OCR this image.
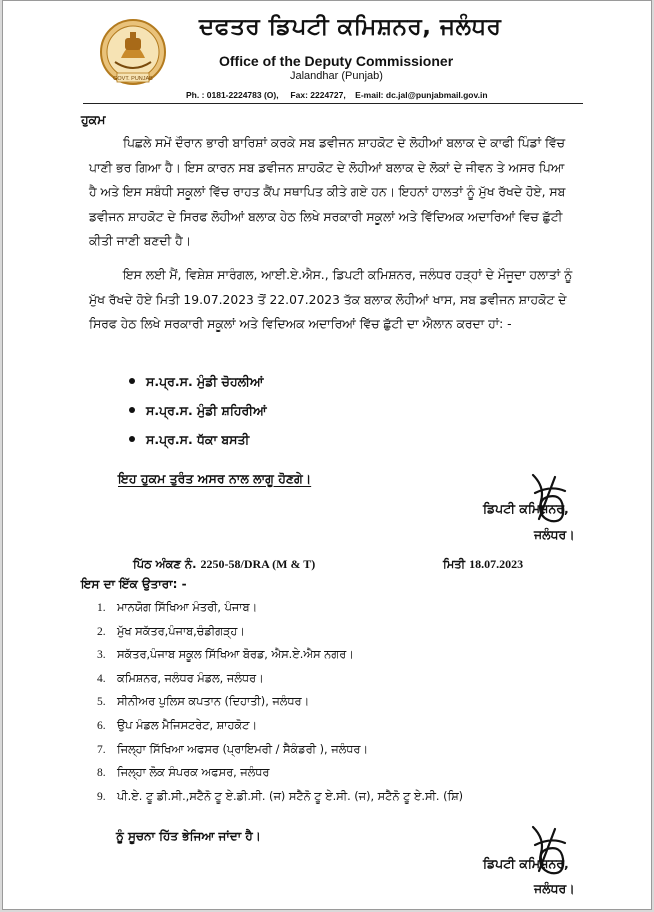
GOVT. PUNJAB
ਦਫਤਰ ਡਿਪਟੀ ਕਮਿਸ਼ਨਰ, ਜਲੰਧਰ
Office of the Deputy Commissioner
Jalandhar (Punjab)
Ph. : 0181-2224783 (O), Fax: 2224727, E-mail: dc.jal@punjabmail.gov.in
ਹੁਕਮ
ਪਿਛਲੇ ਸਮੇਂ ਦੌਰਾਨ ਭਾਰੀ ਬਾਰਿਸ਼ਾਂ ਕਰਕੇ ਸਬ ਡਵੀਜਨ ਸ਼ਾਹਕੋਟ ਦੇ ਲੋਹੀਆਂ ਬਲਾਕ ਦੇ ਕਾਫੀ ਪਿੰਡਾਂ ਵਿੱਚ ਪਾਣੀ ਭਰ ਗਿਆ ਹੈ। ਇਸ ਕਾਰਨ ਸਬ ਡਵੀਜਨ ਸ਼ਾਹਕੋਟ ਦੇ ਲੋਹੀਆਂ ਬਲਾਕ ਦੇ ਲੋਕਾਂ ਦੇ ਜੀਵਨ ਤੇ ਅਸਰ ਪਿਆ ਹੈ ਅਤੇ ਇਸ ਸਬੰਧੀ ਸਕੂਲਾਂ ਵਿੱਚ ਰਾਹਤ ਕੈਂਪ ਸਥਾਪਿਤ ਕੀਤੇ ਗਏ ਹਨ। ਇਹਨਾਂ ਹਾਲਤਾਂ ਨੂੰ ਮੁੱਖ ਰੱਖਦੇ ਹੋਏ, ਸਬ ਡਵੀਜਨ ਸ਼ਾਹਕੋਟ ਦੇ ਸਿਰਫ ਲੋਹੀਆਂ ਬਲਾਕ ਹੇਠ ਲਿਖੇ ਸਰਕਾਰੀ ਸਕੂਲਾਂ ਅਤੇ ਵਿੱਦਿਅਕ ਅਦਾਰਿਆਂ ਵਿਚ ਛੁੱਟੀ ਕੀਤੀ ਜਾਣੀ ਬਣਦੀ ਹੈ।
ਇਸ ਲਈ ਮੈਂ, ਵਿਸ਼ੇਸ਼ ਸਾਰੰਗਲ, ਆਈ.ਏ.ਐਸ., ਡਿਪਟੀ ਕਮਿਸ਼ਨਰ, ਜਲੰਧਰ ਹੜ੍ਹਾਂ ਦੇ ਮੌਜੂਦਾ ਹਲਾਤਾਂ ਨੂੰ ਮੁੱਖ ਰੱਖਦੇ ਹੋਏ ਮਿਤੀ 19.07.2023 ਤੋਂ 22.07.2023 ਤੱਕ ਬਲਾਕ ਲੋਹੀਆਂ ਖਾਸ, ਸਬ ਡਵੀਜਨ ਸ਼ਾਹਕੋਟ ਦੇ ਸਿਰਫ ਹੇਠ ਲਿਖੇ ਸਰਕਾਰੀ ਸਕੂਲਾਂ ਅਤੇ ਵਿਦਿਅਕ ਅਦਾਰਿਆਂ ਵਿੱਚ ਛੁੱਟੀ ਦਾ ਐਲਾਨ ਕਰਦਾ ਹਾਂ: -
ਸ.ਪ੍ਰ.ਸ. ਮੁੰਡੀ ਚੋਹਲੀਆਂ
ਸ.ਪ੍ਰ.ਸ. ਮੁੰਡੀ ਸ਼ਹਿਰੀਆਂ
ਸ.ਪ੍ਰ.ਸ. ਧੱਕਾ ਬਸਤੀ
ਇਹ ਹੁਕਮ ਤੁਰੰਤ ਅਸਰ ਨਾਲ ਲਾਗੂ ਹੋਣਗੇ।
ਡਿਪਟੀ ਕਮਿਸ਼ਨਰ,
ਜਲੰਧਰ।
ਪਿੱਠ ਅੰਕਣ ਨੰ. 2250-58/DRA (M & T)	ਮਿਤੀ 18.07.2023
ਇਸ ਦਾ ਇੱਕ ਉਤਾਰਾ: -
1. ਮਾਨਯੋਗ ਸਿੱਖਿਆ ਮੰਤਰੀ, ਪੰਜਾਬ।
2. ਮੁੱਖ ਸਕੱਤਰ,ਪੰਜਾਬ,ਚੰਡੀਗੜ੍ਹ।
3. ਸਕੱਤਰ,ਪੰਜਾਬ ਸਕੂਲ ਸਿੱਖਿਆ ਬੋਰਡ, ਐਸ.ਏ.ਐਸ ਨਗਰ।
4. ਕਮਿਸ਼ਨਰ, ਜਲੰਧਰ ਮੰਡਲ, ਜਲੰਧਰ।
5. ਸੀਨੀਅਰ ਪੁਲਿਸ ਕਪਤਾਨ (ਦਿਹਾਤੀ), ਜਲੰਧਰ।
6. ਉਪ ਮੰਡਲ ਮੈਜਿਸਟਰੇਟ, ਸ਼ਾਹਕੋਟ।
7. ਜਿਲ੍ਹਾ ਸਿੱਖਿਆ ਅਫਸਰ (ਪ੍ਰਾਇਮਰੀ / ਸੈਕੰਡਰੀ ), ਜਲੰਧਰ।
8. ਜਿਲ੍ਹਾ ਲੋਕ ਸੰਪਰਕ ਅਫਸਰ, ਜਲੰਧਰ
9. ਪੀ.ਏ. ਟੂ ਡੀ.ਸੀ.,ਸਟੈਨੋ ਟੂ ਏ.ਡੀ.ਸੀ. (ਜ) ਸਟੈਨੋ ਟੂ ਏ.ਸੀ. (ਜ), ਸਟੈਨੋ ਟੂ ਏ.ਸੀ. (ਸ਼ਿ)
ਨੂੰ ਸੂਚਨਾ ਹਿੱਤ ਭੇਜਿਆ ਜਾਂਦਾ ਹੈ।
ਡਿਪਟੀ ਕਮਿਸ਼ਨਰ,
ਜਲੰਧਰ।
